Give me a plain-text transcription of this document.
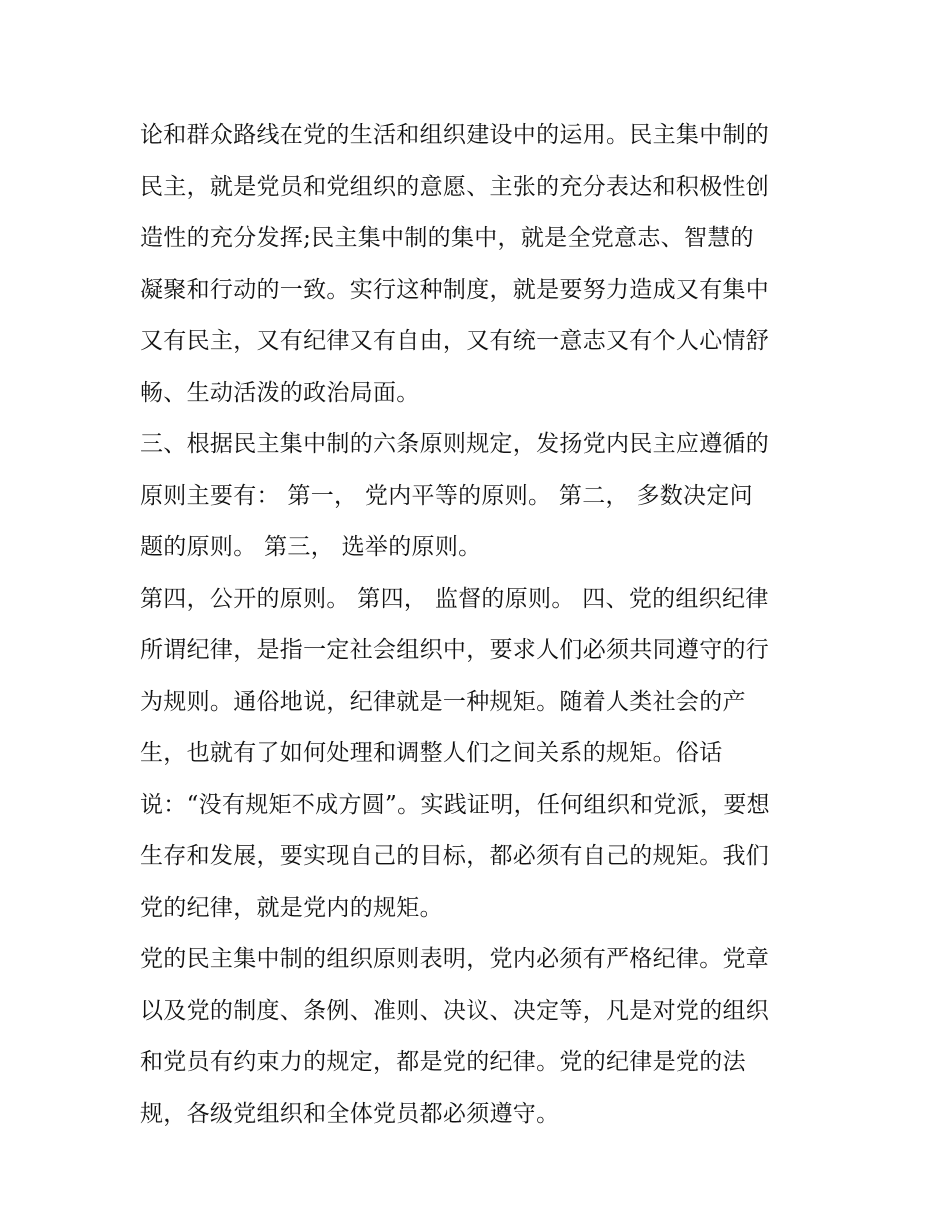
论和群众路线在党的生活和组织建设中的运用。民主集中制的
民主，就是党员和党组织的意愿、主张的充分表达和积极性创
造性的充分发挥;民主集中制的集中，就是全党意志、智慧的
凝聚和行动的一致。实行这种制度，就是要努力造成又有集中
又有民主，又有纪律又有自由，又有统一意志又有个人心情舒
畅、生动活泼的政治局面。
三、根据民主集中制的六条原则规定，发扬党内民主应遵循的
原则主要有： 第一， 党内平等的原则。 第二， 多数决定问
题的原则。 第三， 选举的原则。
第四，公开的原则。 第四， 监督的原则。 四、党的组织纪律
所谓纪律，是指一定社会组织中，要求人们必须共同遵守的行
为规则。通俗地说，纪律就是一种规矩。随着人类社会的产
生，也就有了如何处理和调整人们之间关系的规矩。俗话
说：“没有规矩不成方圆”。实践证明，任何组织和党派，要想
生存和发展，要实现自己的目标，都必须有自己的规矩。我们
党的纪律，就是党内的规矩。
党的民主集中制的组织原则表明，党内必须有严格纪律。党章
以及党的制度、条例、准则、决议、决定等，凡是对党的组织
和党员有约束力的规定，都是党的纪律。党的纪律是党的法
规，各级党组织和全体党员都必须遵守。
